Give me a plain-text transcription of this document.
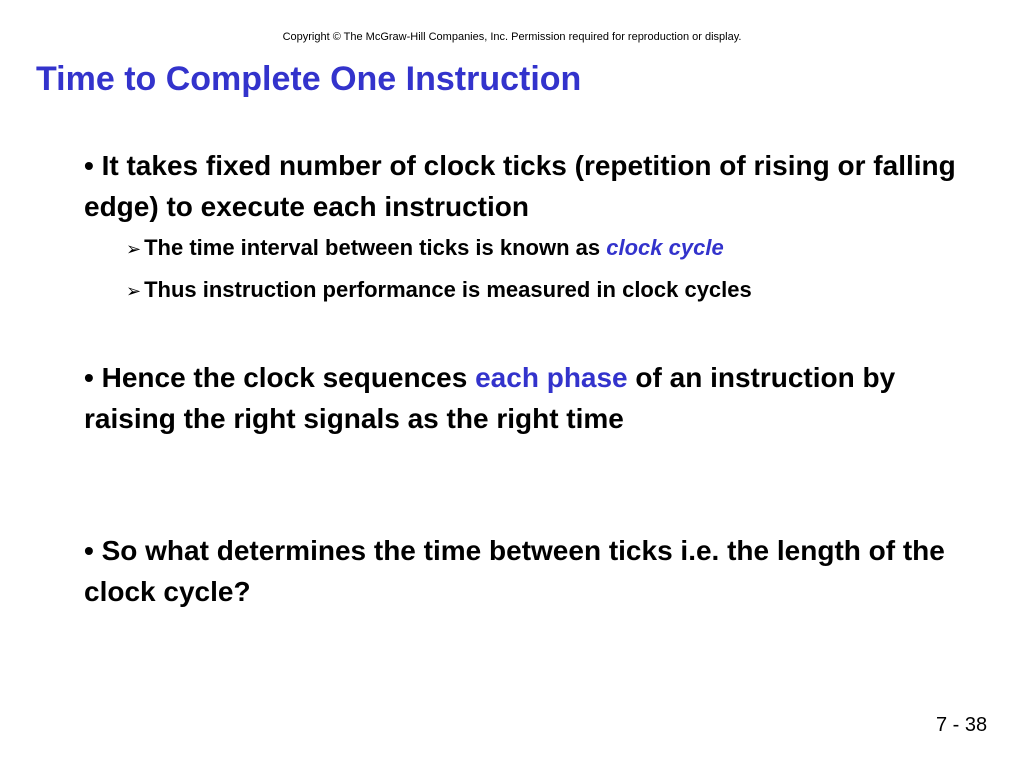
Copyright © The McGraw-Hill Companies, Inc. Permission required for reproduction or display.
Time to Complete One Instruction
• It takes fixed number of clock ticks (repetition of rising or falling edge) to execute each instruction
➢ The time interval between ticks is known as clock cycle
➢ Thus instruction performance is measured in clock cycles
• Hence the clock sequences each phase of an instruction by raising the right signals as the right time
• So what determines the time between ticks i.e. the length of the clock cycle?
7 - 38
